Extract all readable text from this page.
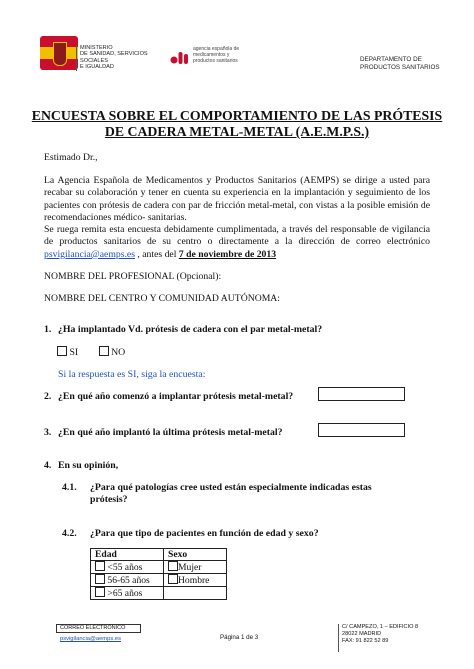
MINISTERIO
DE SANIDAD, SERVICIOS SOCIALES
E IGUALDAD
agencia española de
medicamentos y
productos sanitarios	DEPARTAMENTO DE
PRODUCTOS SANITARIOS
ENCUESTA SOBRE EL COMPORTAMIENTO DE LAS PRÓTESIS
DE CADERA METAL-METAL (A.E.M.P.S.)
Estimado Dr.,
La Agencia Española de Medicamentos y Productos Sanitarios (AEMPS) se dirige a usted para recabar su colaboración y tener en cuenta su experiencia en la implantación y seguimiento de los pacientes con prótesis de cadera con par de fricción metal-metal, con vistas a la posible emisión de recomendaciones médico- sanitarias.
Se ruega remita esta encuesta debidamente cumplimentada, a través del responsable de vigilancia de productos sanitarios de su centro o directamente a la dirección de correo electrónico psvigilancia@aemps.es , antes del 7 de noviembre de 2013
NOMBRE DEL PROFESIONAL (Opcional):
NOMBRE DEL CENTRO Y COMUNIDAD AUTÓNOMA:
1. ¿Ha implantado Vd. prótesis de cadera con el par metal-metal?
SI	NO
Si la respuesta es SI, siga la encuesta:
2. ¿En qué año comenzó a implantar prótesis metal-metal?
3. ¿En qué año implantó la última prótesis metal-metal?
4. En su opinión,
4.1. ¿Para qué patologías cree usted están especialmente indicadas estas prótesis?
4.2. ¿Para que tipo de pacientes en función de edad y sexo?
Edad	Sexo
<55 años	Mujer
56-65 años	Hombre
>65 años	
CORREO ELECTRÓNICO
psvigilancia@aemps.es	Página 1 de 3
C/ CAMPEZO, 1 – EDIFICIO 8
28022 MADRID
FAX: 91 822 52 89
